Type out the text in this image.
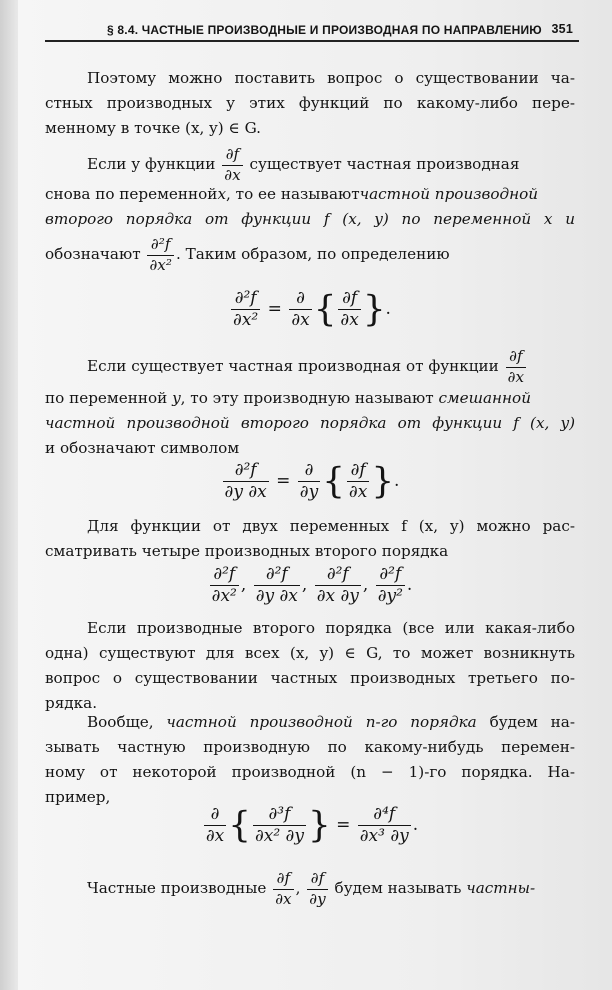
§ 8.4. ЧАСТНЫЕ ПРОИЗВОДНЫЕ И ПРОИЗВОДНАЯ ПО НАПРАВЛЕНИЮ 351
Поэтому можно поставить вопрос о существовании ча-
стных производных у этих функций по какому-либо пере-
менному в точке (x, y) ∈ G.
Если у функции $\frac{\partial f}{\partial x}$ существует частная производная
снова по переменнойx, то ее называютчастной производной
второго порядка от функции f (x, y) по переменной x и
обозначают $\frac{\text{∂²f}}{\text{∂x²}}$ . Таким образом, по определению
$\frac{\text{∂²f}}{\text{∂x²}} = \frac{\partial}{\partial x}$ { $\frac{\partial f}{\partial x}$ }.
Если существует частная производная от функции $\frac{\partial f}{\partial x}$
по переменной y, то эту производную называют смешанной
частной производной второго порядка от функции f (x, y)
и обозначают символом
$\frac{\text{∂²f}}{\partial y \partial x} = \frac{\partial}{\partial y}$ { $\frac{\partial f}{\partial x}$ }.
Для функции от двух переменных f (x, y) можно рас-
сматривать четыре производных второго порядка
$\frac{\text{∂²f}}{\text{∂x²}}$ , $\frac{\text{∂²f}}{\partial y \partial x}$ , $\frac{\text{∂²f}}{\partial x \partial y}$ , $\frac{\text{∂²f}}{\text{∂y²}}$ .
Если производные второго порядка (все или какая-либо
одна) существуют для всех (x, y) ∈ G, то может возникнуть
вопрос о существовании частных производных третьего по-
рядка.
Вообще, частной производной n-го порядка будем на-
зывать частную производную по какому-нибудь перемен-
ному от некоторой производной (n − 1)-го порядка. На-
пример,
$\frac{\partial}{\partial x}$ { $\frac{\text{∂³f}}{\text{∂x² ∂y}}$ } = $\frac{\text{∂⁴f}}{\text{∂x³ ∂y}}$ .
Частные производные $\frac{\partial f}{\partial x}$ , $\frac{\partial f}{\partial y}$ будем называть частны-
